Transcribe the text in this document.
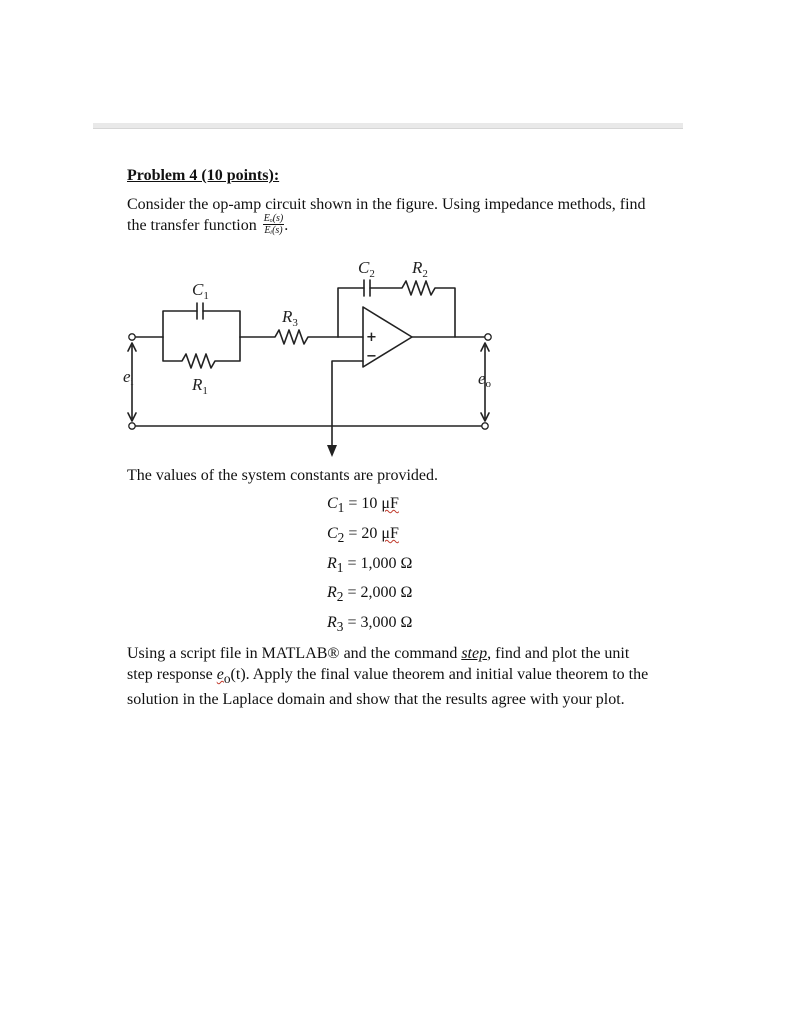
Problem 4 (10 points):

Consider the op-amp circuit shown in the figure. Using impedance methods, find the transfer function $\frac{\text{Eₒ(s)}}{\text{Eᵢ(s)}}$ .

$C_1$
$R_1$
$R_3$
$C_2$ $R_2$
ei	eo
+
−

The values of the system constants are provided.

$C_1 = 10$ μF
$C_2 = 20$ μF
$R_1 = 1,000$ Ω
$R_2 = 2,000$ Ω
$R_3 = 3,000$ Ω

Using a script file in MATLAB® and the command step, find and plot the unit step response $e_o(t)$. Apply the final value theorem and initial value theorem to the solution in the Laplace domain and show that the results agree with your plot.
